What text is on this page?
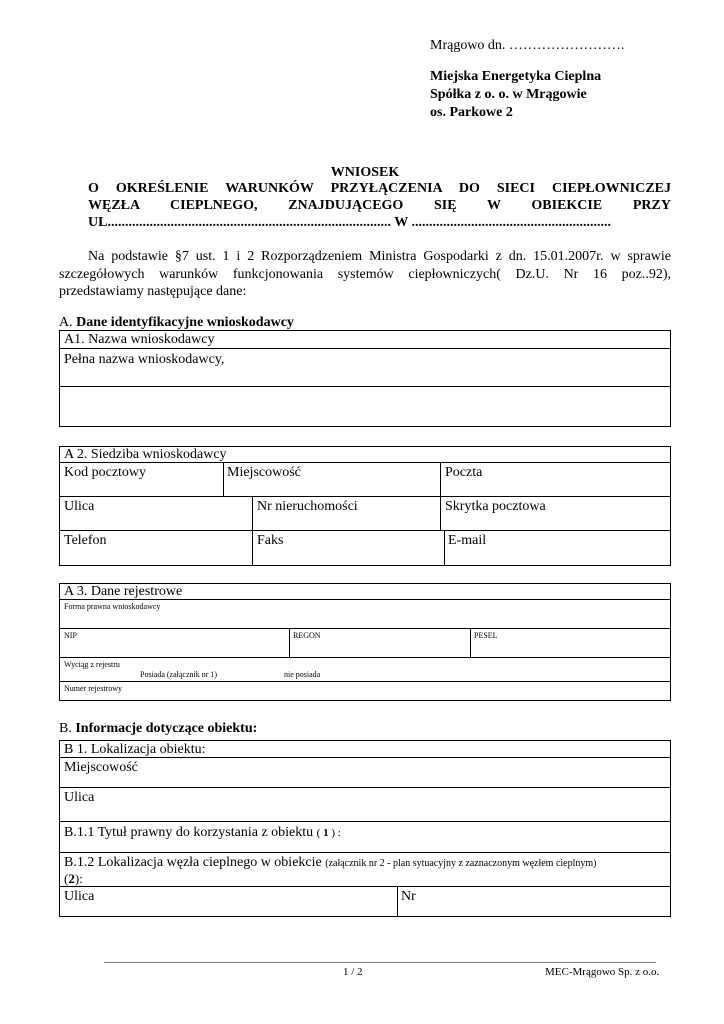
Mrągowo dn. …………………….
Miejska Energetyka Cieplna
Spółka z o. o. w Mrągowie
os. Parkowe 2
WNIOSEK
O OKREŚLENIE WARUNKÓW PRZYŁĄCZENIA DO SIECI CIEPŁOWNICZEJ
WĘZŁA CIEPLNEGO, ZNAJDUJĄCEGO SIĘ W OBIEKCIE PRZY
UL................................................................................. W .........................................................
Na podstawie §7 ust. 1 i 2 Rozporządzeniem Ministra Gospodarki z dn. 15.01.2007r. w sprawie
szczegółowych warunków funkcjonowania systemów ciepłowniczych( Dz.U. Nr 16 poz..92),
przedstawiamy następujące dane:
A. Dane identyfikacyjne wnioskodawcy
A1. Nazwa wnioskodawcy
Pełna nazwa wnioskodawcy,
A 2. Siedziba wnioskodawcy
Kod pocztowy	Miejscowość	Poczta
Ulica	Nr nieruchomości	Skrytka pocztowa
Telefon	Faks	E-mail
A 3. Dane rejestrowe
Forma prawna wnioskodawcy
NIP	REGON	PESEL
Wyciąg z rejestru
Posiada (załącznik nr 1)	nie posiada
Numer rejestrowy
B. Informacje dotyczące obiektu:
B 1. Lokalizacja obiektu:
Miejscowość
Ulica
B.1.1 Tytuł prawny do korzystania z obiektu ( 1 ) :
B.1.2 Lokalizacja węzła cieplnego w obiekcie (załącznik nr 2 - plan sytuacyjny z zaznaczonym węzłem cieplnym)
(2):
Ulica	Nr
1 / 2	MEC-Mrągowo Sp. z o.o.
